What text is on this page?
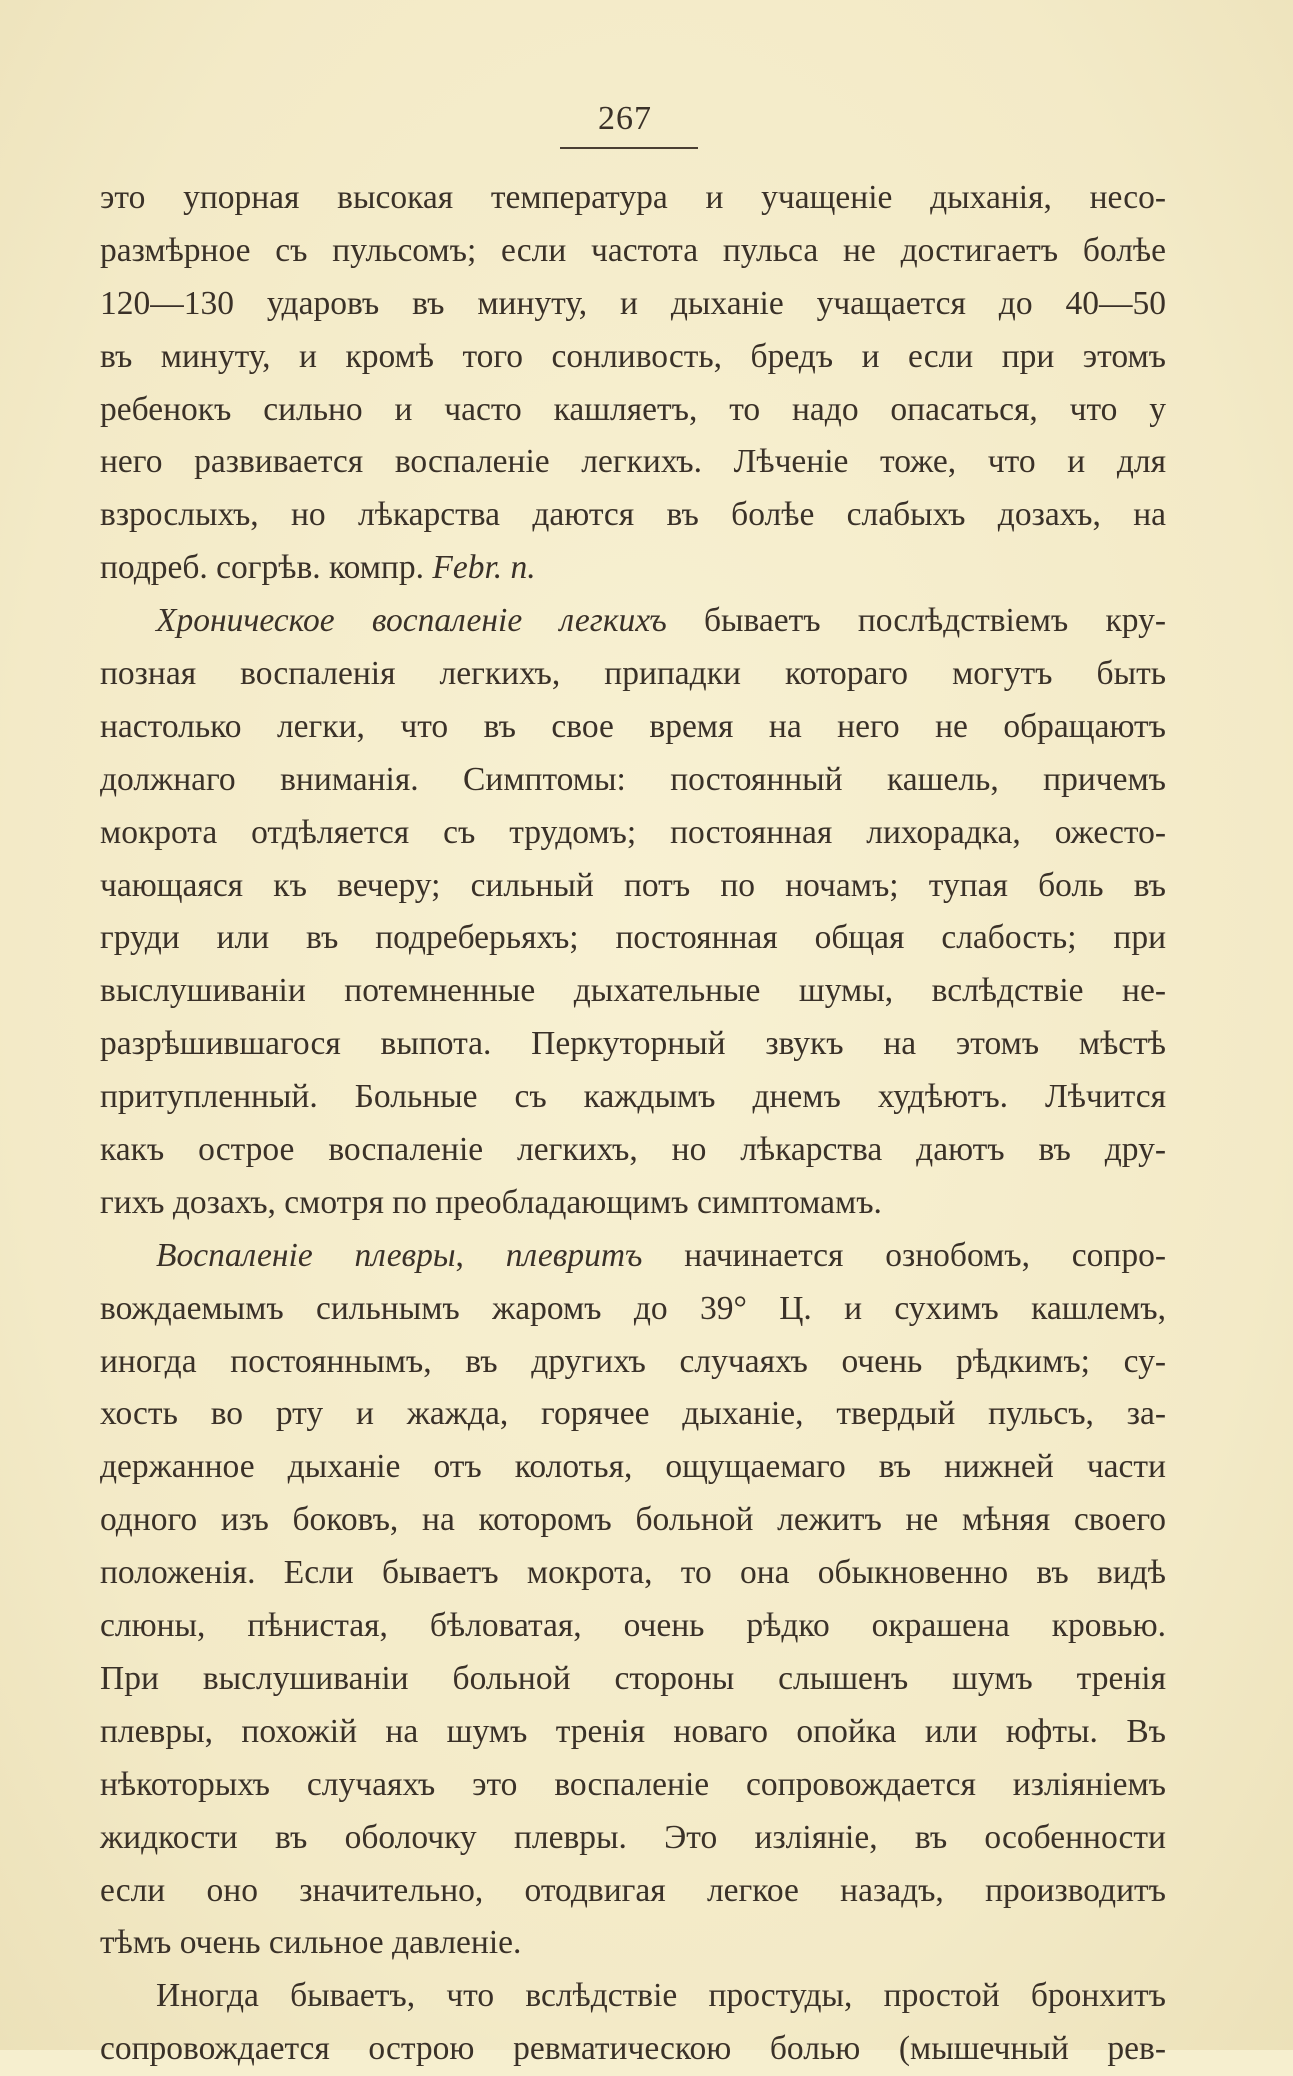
267
это упорная высокая температура и учащеніе дыханія, несо-
размѣрное съ пульсомъ; если частота пульса не достигаетъ болѣе
120—130 ударовъ въ минуту, и дыханіе учащается до 40—50
въ минуту, и кромѣ того сонливость, бредъ и если при этомъ
ребенокъ сильно и часто кашляетъ, то надо опасаться, что у
него развивается воспаленіе легкихъ. Лѣченіе тоже, что и для
взрослыхъ, но лѣкарства даются въ болѣе слабыхъ дозахъ, на
подреб. согрѣв. компр. Febr. n.
Хроническое воспаленіе легкихъ бываетъ послѣдствіемъ кру-
позная воспаленія легкихъ, припадки котораго могутъ быть
настолько легки, что въ свое время на него не обращаютъ
должнаго вниманія. Симптомы: постоянный кашель, причемъ
мокрота отдѣляется съ трудомъ; постоянная лихорадка, ожесто-
чающаяся къ вечеру; сильный потъ по ночамъ; тупая боль въ
груди или въ подреберьяхъ; постоянная общая слабость; при
выслушиваніи потемненные дыхательные шумы, вслѣдствіе не-
разрѣшившагося выпота. Перкуторный звукъ на этомъ мѣстѣ
притупленный. Больные съ каждымъ днемъ худѣютъ. Лѣчится
какъ острое воспаленіе легкихъ, но лѣкарства даютъ въ дру-
гихъ дозахъ, смотря по преобладающимъ симптомамъ.
Воспаленіе плевры, плевритъ начинается ознобомъ, сопро-
вождаемымъ сильнымъ жаромъ до 39° Ц. и сухимъ кашлемъ,
иногда постояннымъ, въ другихъ случаяхъ очень рѣдкимъ; су-
хость во рту и жажда, горячее дыханіе, твердый пульсъ, за-
держанное дыханіе отъ колотья, ощущаемаго въ нижней части
одного изъ боковъ, на которомъ больной лежитъ не мѣняя своего
положенія. Если бываетъ мокрота, то она обыкновенно въ видѣ
слюны, пѣнистая, бѣловатая, очень рѣдко окрашена кровью.
При выслушиваніи больной стороны слышенъ шумъ тренія
плевры, похожій на шумъ тренія новаго опойка или юфты. Въ
нѣкоторыхъ случаяхъ это воспаленіе сопровождается изліяніемъ
жидкости въ оболочку плевры. Это изліяніе, въ особенности
если оно значительно, отодвигая легкое назадъ, производитъ
тѣмъ очень сильное давленіе.
Иногда бываетъ, что вслѣдствіе простуды, простой бронхитъ
сопровождается острою ревматическою болью (мышечный рев-
